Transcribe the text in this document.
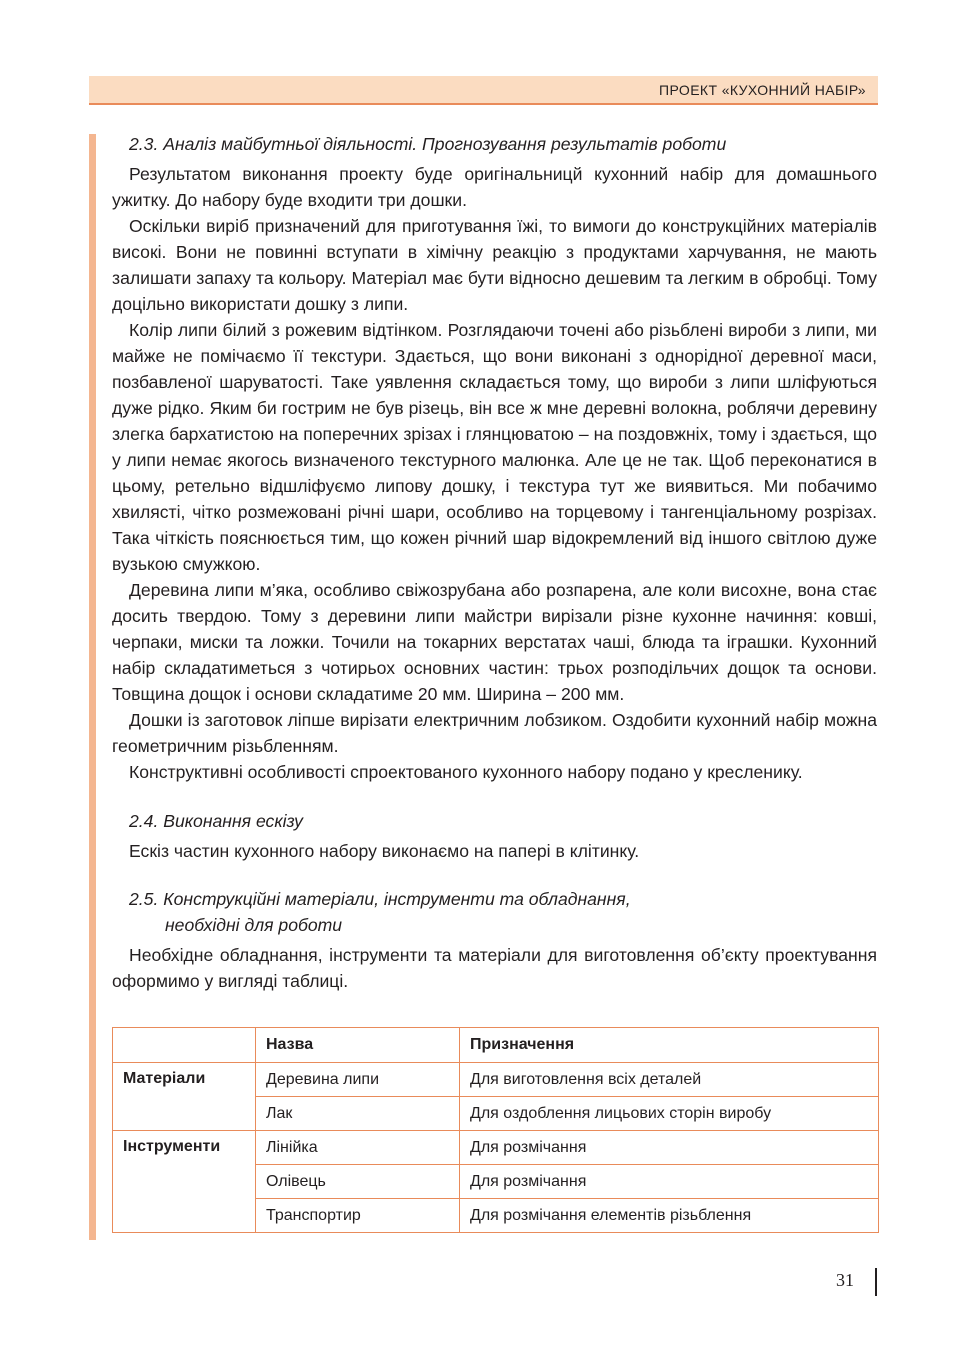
ПРОЕКТ «КУХОННИЙ НАБІР»

2.3. Аналіз майбутньої діяльності. Прогнозування результатів роботи

Результатом виконання проекту буде оригінальницй кухонний набір для домашнього ужитку. До набору буде входити три дошки.

Оскільки виріб призначений для приготування їжі, то вимоги до конструкційних матеріалів високі. Вони не повинні вступати в хімічну реакцію з продуктами харчування, не мають залишати запаху та кольору. Матеріал має бути відносно дешевим та легким в обробці. Тому доцільно використати дошку з липи.

Колір липи білий з рожевим відтінком. Розглядаючи точені або різьблені вироби з липи, ми майже не помічаємо її текстури. Здається, що вони виконані з однорідної деревної маси, позбавленої шаруватості. Таке уявлення складається тому, що вироби з липи шліфуються дуже рідко. Яким би гострим не був різець, він все ж мне деревні волокна, роблячи деревину злегка бархатистою на поперечних зрізах і глянцюватою – на поздовжніх, тому і здається, що у липи немає якогось визначеного текстурного малюнка. Але це не так. Щоб переконатися в цьому, ретельно відшліфуємо липову дошку, і текстура тут же виявиться. Ми побачимо хвилясті, чітко розмежовані річні шари, особливо на торцевому і тангенціальному розрізах. Така чіткість пояснюється тим, що кожен річний шар відокремлений від іншого світлою дуже вузькою смужкою.

Деревина липи м’яка, особливо свіжозрубана або розпарена, але коли висохне, вона стає досить твердою. Тому з деревини липи майстри вирізали різне кухонне начиння: ковші, черпаки, миски та ложки. Точили на токарних верстатах чаші, блюда та іграшки. Кухонний набір складатиметься з чотирьох основних частин: трьох розподільчих дощок та основи. Товщина дощок і основи складатиме 20 мм. Ширина – 200 мм.

Дошки із заготовок ліпше вирізати електричним лобзиком. Оздобити кухонний набір можна геометричним різьбленням.

Конструктивні особливості спроектованого кухонного набору подано у кресленику.

2.4. Виконання ескізу

Ескіз частин кухонного набору виконаємо на папері в клітинку.

2.5. Конструкційні матеріали, інструменти та обладнання,

необхідні для роботи

Необхідне обладнання, інструменти та матеріали для виготовлення об’єкту проектування оформимо у вигляді таблиці.

	Назва	Призначення
Матеріали	Деревина липи	Для виготовлення всіх деталей
	Лак	Для оздоблення лицьових сторін виробу
Інструменти	Лінійка	Для розмічання
	Олівець	Для розмічання
	Транспортир	Для розмічання елементів різьблення
31
